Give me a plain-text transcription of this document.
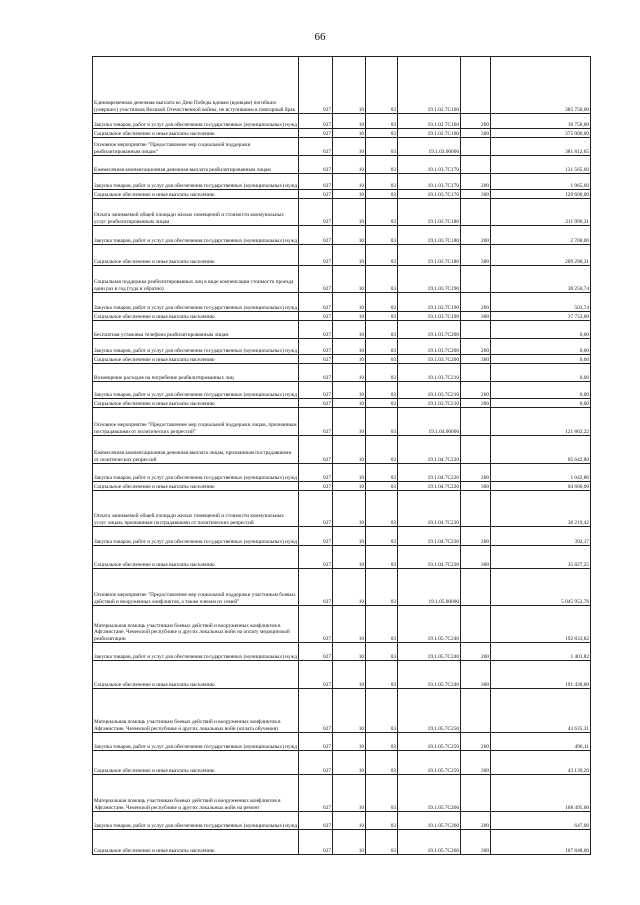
66
Единовременная денежная выплата ко Дню Победы вдовам (вдовцам) погибших (умерших) участников Великой Отечественной войны, не вступившим в повторный брак	027	10	03	19.1.02.7С160		385 750,00
Закупка товаров, работ и услуг для обеспечения государственных (муниципальных) нужд	027	10	03	19.1.02.7С160	200	10 750,00
Социальное обеспечение и иные выплаты населению	027	10	03	19.1.02.7С160	300	375 000,00
Основное мероприятие "Предоставление мер социальной поддержки реабилитированным лицам"	027	10	03	19.1.03.00000		381 812,65
Ежемесячная компенсационная денежная выплата реабилитированным лицам	027	10	03	19.1.03.7С170		131 565,60
Закупка товаров, работ и услуг для обеспечения государственных (муниципальных) нужд	027	10	03	19.1.03.7С170	200	1 965,60
Социальное обеспечение и иные выплаты населению	027	10	03	19.1.03.7С170	300	129 600,00
Оплата занимаемой общей площади жилых помещений и стоимости коммунальных услуг реабилитированным лицам	027	10	03	19.1.03.7С180		211 990,31
Закупка товаров, работ и услуг для обеспечения государственных (муниципальных) нужд	027	10	03	19.1.03.7С180	200	2 700,00
Социальное обеспечение и иные выплаты населению	027	10	03	19.1.03.7С180	300	209 290,31
Социальная поддержка реабилитированных лиц в виде компенсации стоимости проезда один раз в год (туда и обратно)	027	10	03	19.1.03.7С190		38 256,74
Закупка товаров, работ и услуг для обеспечения государственных (муниципальных) нужд	027	10	03	19.1.03.7С190	200	503,74
Социальное обеспечение и иные выплаты населению	027	10	03	19.1.03.7С190	300	37 753,00
Бесплатная установка телефона реабилитированным лицам	027	10	03	19.1.03.7С200		0,00
Закупка товаров, работ и услуг для обеспечения государственных (муниципальных) нужд	027	10	03	19.1.03.7С200	200	0,00
Социальное обеспечение и иные выплаты населению	027	10	03	19.1.03.7С200	300	0,00
Возмещение расходов на погребение реабилитированных лиц	027	10	03	19.1.03.7С210		0,00
Закупка товаров, работ и услуг для обеспечения государственных (муниципальных) нужд	027	10	03	19.1.03.7С210	200	0,00
Социальное обеспечение и иные выплаты населению	027	10	03	19.1.03.7С210	300	0,00
Основное мероприятие "Предоставление мер социальной поддержки лицам, признанным пострадавшими от политических репрессий"	027	10	03	19.1.04.00000		121 862,22
Ежемесячная компенсационная денежная выплата лицам, признанным пострадавшими от политических репрессий	027	10	03	19.1.04.7С220		85 642,80
Закупка товаров, работ и услуг для обеспечения государственных (муниципальных) нужд	027	10	03	19.1.04.7С220	200	1 042,80
Социальное обеспечение и иные выплаты населению	027	10	03	19.1.04.7С220	300	84 600,00
Оплата занимаемой общей площади жилых помещений и стоимости коммунальных услуг лицам, признанным пострадавшими от политических репрессий	027	10	03	19.1.04.7С230		36 219,42
Закупка товаров, работ и услуг для обеспечения государственных (муниципальных) нужд	027	10	03	19.1.04.7С230	200	392,17
Социальное обеспечение и иные выплаты населению	027	10	03	19.1.04.7С230	300	35 827,25
Основное мероприятие "Предоставление мер социальной поддержки участникам боевых действий и вооруженных конфликтов, а также членам их семей"	027	10	03	19.1.05.00000		5 045 952,76
Материальная помощь участникам боевых действий и вооруженных конфликтов в Афганистане, Чеченской республике и других локальных войн на оплату медицинской реабилитации	027	10	03	19.1.05.7С240		192 833,82
Закупка товаров, работ и услуг для обеспечения государственных (муниципальных) нужд	027	10	03	19.1.05.7С240	200	1 403,82
Социальное обеспечение и иные выплаты населению	027	10	03	19.1.05.7С240	300	191 430,00
Материальная помощь участникам боевых действий и вооруженных конфликтов в Афганистане, Чеченской республике и других локальных войн (оплата обучения)	027	10	03	19.1.05.7С250		43 635,31
Закупка товаров, работ и услуг для обеспечения государственных (муниципальных) нужд	027	10	03	19.1.05.7С250	200	496,11
Социальное обеспечение и иные выплаты населению	027	10	03	19.1.05.7С250	300	43 139,20
Материальная помощь участникам боевых действий и вооруженных конфликтов в Афганистане, Чеченской республике и других локальных войн на ремонт	027	10	03	19.1.05.7С260		108 495,00
Закупка товаров, работ и услуг для обеспечения государственных (муниципальных) нужд	027	10	03	19.1.05.7С260	200	647,00
Социальное обеспечение и иные выплаты населению	027	10	03	19.1.05.7С260	300	107 848,00
